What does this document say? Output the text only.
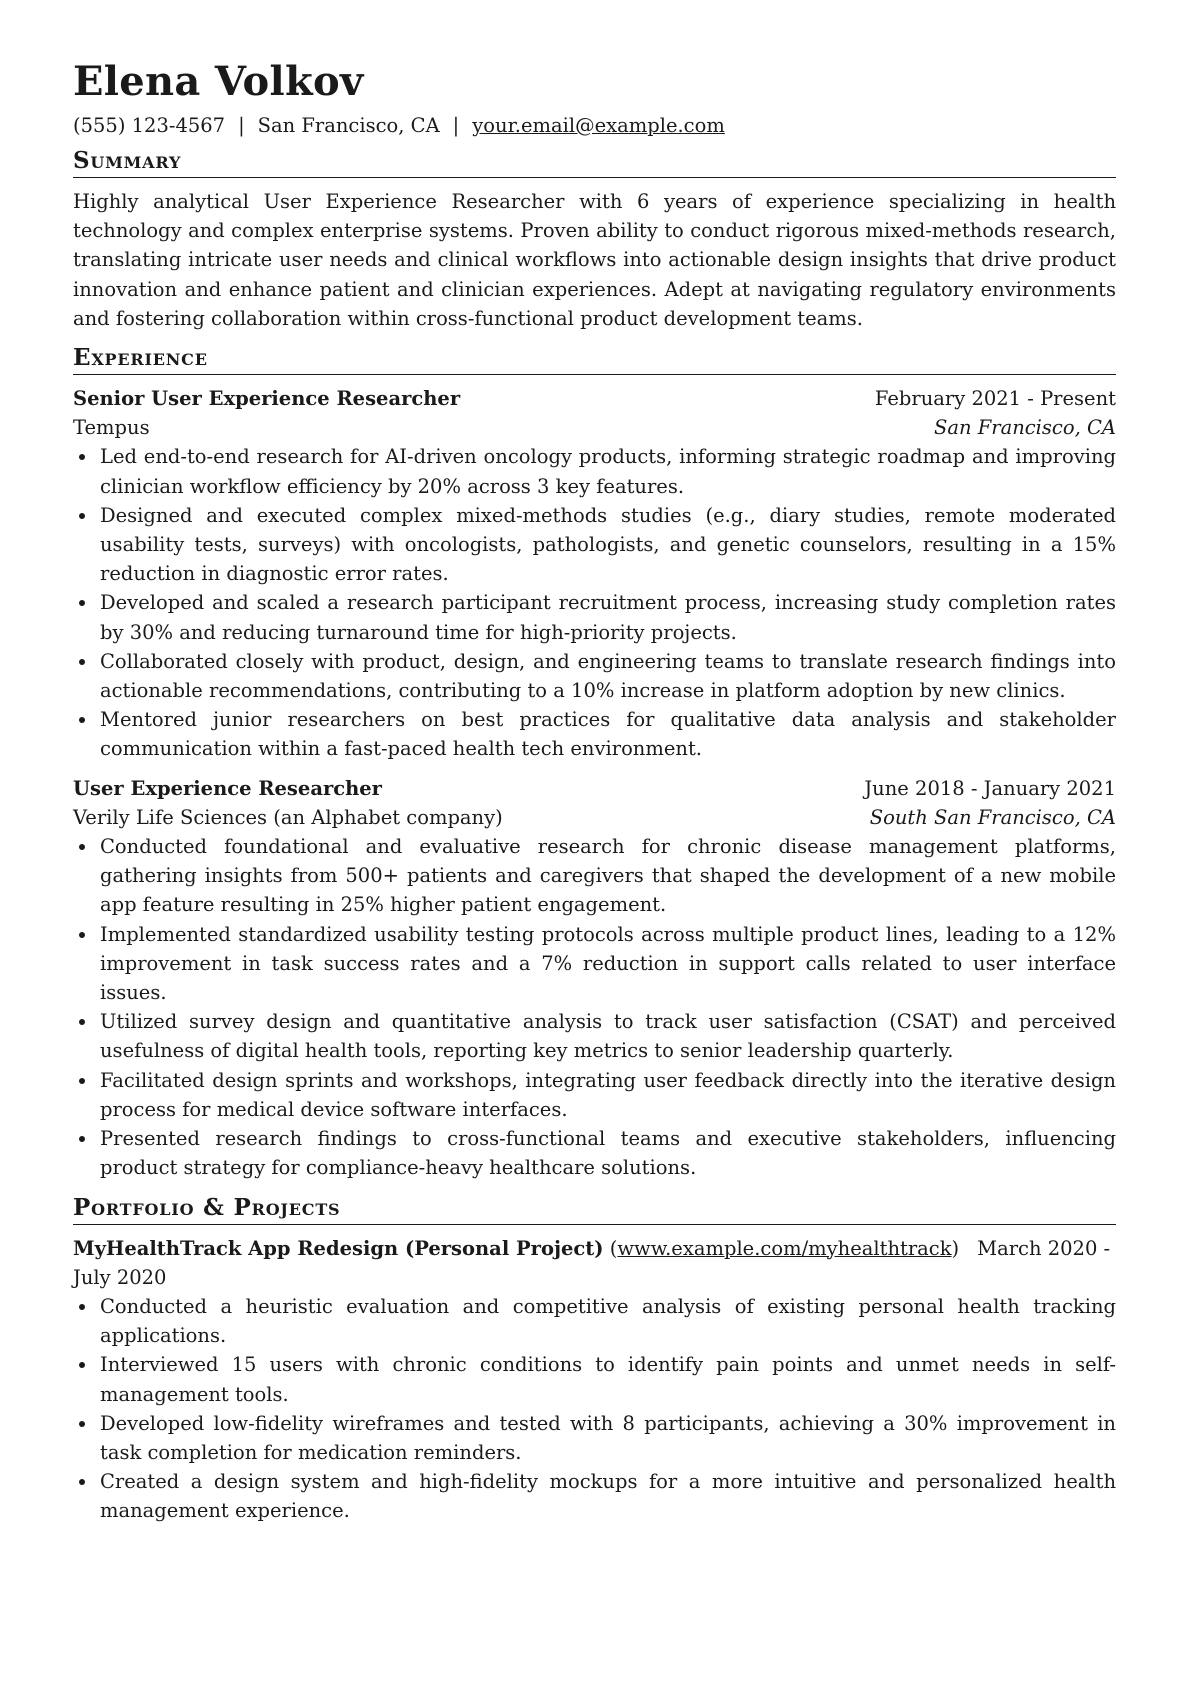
Elena Volkov
(555) 123-4567 | San Francisco, CA | your.email@example.com
Summary

Highly analytical User Experience Researcher with 6 years of experience specializing in health technology and complex enterprise systems. Proven ability to conduct rigorous mixed-methods research, translating intricate user needs and clinical workflows into actionable design insights that drive product innovation and enhance patient and clinician experiences. Adept at navigating regulatory environments and fostering collaboration within cross-functional product development teams.

Experience
Senior User Experience Researcher	February 2021 - Present
Tempus	San Francisco, CA
Led end-to-end research for AI-driven oncology products, informing strategic roadmap and improving clinician workflow efficiency by 20% across 3 key features.
Designed and executed complex mixed-methods studies (e.g., diary studies, remote moderated usability tests, surveys) with oncologists, pathologists, and genetic counselors, resulting in a 15% reduction in diagnostic error rates.
Developed and scaled a research participant recruitment process, increasing study completion rates by 30% and reducing turnaround time for high-priority projects.
Collaborated closely with product, design, and engineering teams to translate research findings into actionable recommendations, contributing to a 10% increase in platform adoption by new clinics.
Mentored junior researchers on best practices for qualitative data analysis and stakeholder communication within a fast-paced health tech environment.
User Experience Researcher	June 2018 - January 2021
Verily Life Sciences (an Alphabet company)	South San Francisco, CA
Conducted foundational and evaluative research for chronic disease management platforms, gathering insights from 500+ patients and caregivers that shaped the development of a new mobile app feature resulting in 25% higher patient engagement.
Implemented standardized usability testing protocols across multiple product lines, leading to a 12% improvement in task success rates and a 7% reduction in support calls related to user interface issues.
Utilized survey design and quantitative analysis to track user satisfaction (CSAT) and perceived usefulness of digital health tools, reporting key metrics to senior leadership quarterly.
Facilitated design sprints and workshops, integrating user feedback directly into the iterative design process for medical device software interfaces.
Presented research findings to cross-functional teams and executive stakeholders, influencing product strategy for compliance-heavy healthcare solutions.
Portfolio & Projects
MyHealthTrack App Redesign (Personal Project) (www.example.com/myhealthtrack) March 2020 - July 2020
Conducted a heuristic evaluation and competitive analysis of existing personal health tracking applications.
Interviewed 15 users with chronic conditions to identify pain points and unmet needs in self-management tools.
Developed low-fidelity wireframes and tested with 8 participants, achieving a 30% improvement in task completion for medication reminders.
Created a design system and high-fidelity mockups for a more intuitive and personalized health management experience.
